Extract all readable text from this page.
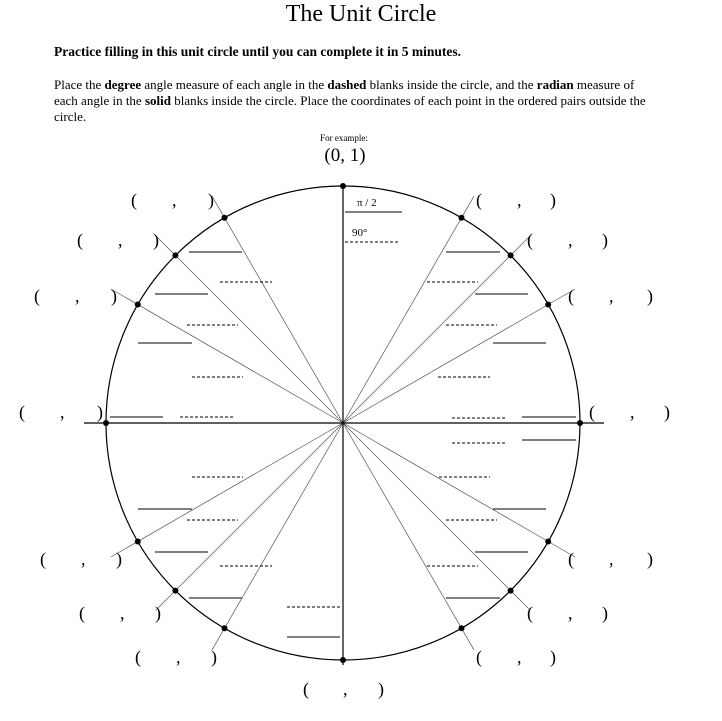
The Unit Circle
Practice filling in this unit circle until you can complete it in 5 minutes.
Place the degree angle measure of each angle in the dashed blanks inside the circle, and the radian measure of each angle in the solid blanks inside the circle. Place the coordinates of each point in the ordered pairs outside the circle.
For example:
(0, 1)
( , )
( , )
( , )
( , )
( , )
( , )
( , )
( , )
( , )
( , )
( , )
( , )
( , )
( , )
( , )
π / 2
90°
